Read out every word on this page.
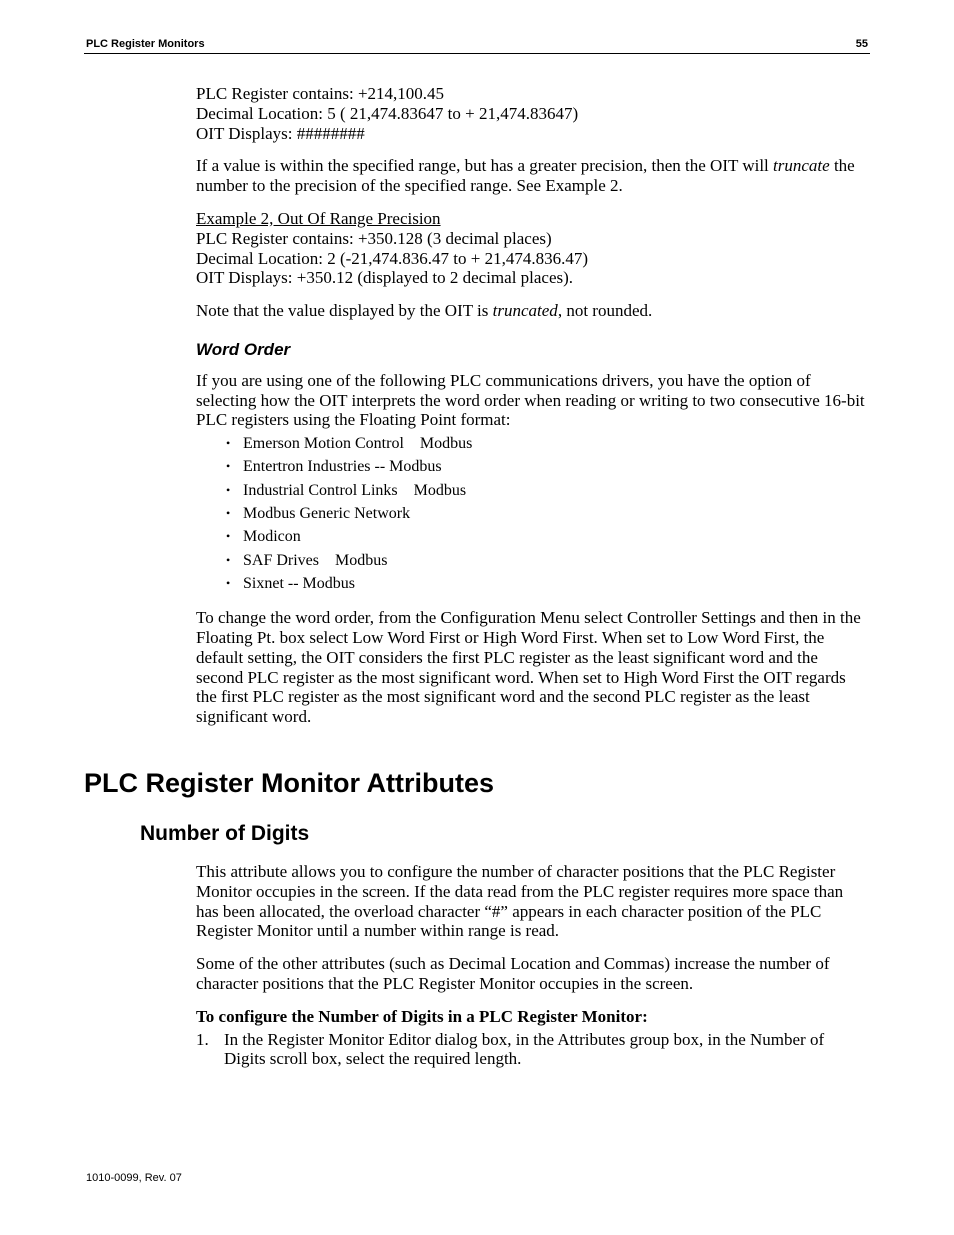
PLC Register Monitors	55

PLC Register contains: +214,100.45
Decimal Location: 5 ( 21,474.83647 to + 21,474.83647)
OIT Displays: ########

If a value is within the specified range, but has a greater precision, then the OIT will truncate the number to the precision of the specified range. See Example 2.

Example 2, Out Of Range Precision
PLC Register contains: +350.128 (3 decimal places)
Decimal Location: 2 (-21,474.836.47 to + 21,474.836.47)
OIT Displays: +350.12 (displayed to 2 decimal places).

Note that the value displayed by the OIT is truncated, not rounded.

Word Order

If you are using one of the following PLC communications drivers, you have the option of selecting how the OIT interprets the word order when reading or writing to two consecutive 16-bit PLC registers using the Floating Point format:

• Emerson Motion Control    Modbus
• Entertron Industries -- Modbus
• Industrial Control Links    Modbus
• Modbus Generic Network
• Modicon
• SAF Drives    Modbus
• Sixnet -- Modbus

To change the word order, from the Configuration Menu select Controller Settings and then in the Floating Pt. box select Low Word First or High Word First. When set to Low Word First, the default setting, the OIT considers the first PLC register as the least significant word and the second PLC register as the most significant word. When set to High Word First the OIT regards the first PLC register as the most significant word and the second PLC register as the least significant word.

PLC Register Monitor Attributes
Number of Digits

This attribute allows you to configure the number of character positions that the PLC Register Monitor occupies in the screen. If the data read from the PLC register requires more space than has been allocated, the overload character “#” appears in each character position of the PLC Register Monitor until a number within range is read.

Some of the other attributes (such as Decimal Location and Commas) increase the number of character positions that the PLC Register Monitor occupies in the screen.

To configure the Number of Digits in a PLC Register Monitor:

1. In the Register Monitor Editor dialog box, in the Attributes group box, in the Number of Digits scroll box, select the required length.
1010-0099, Rev. 07
